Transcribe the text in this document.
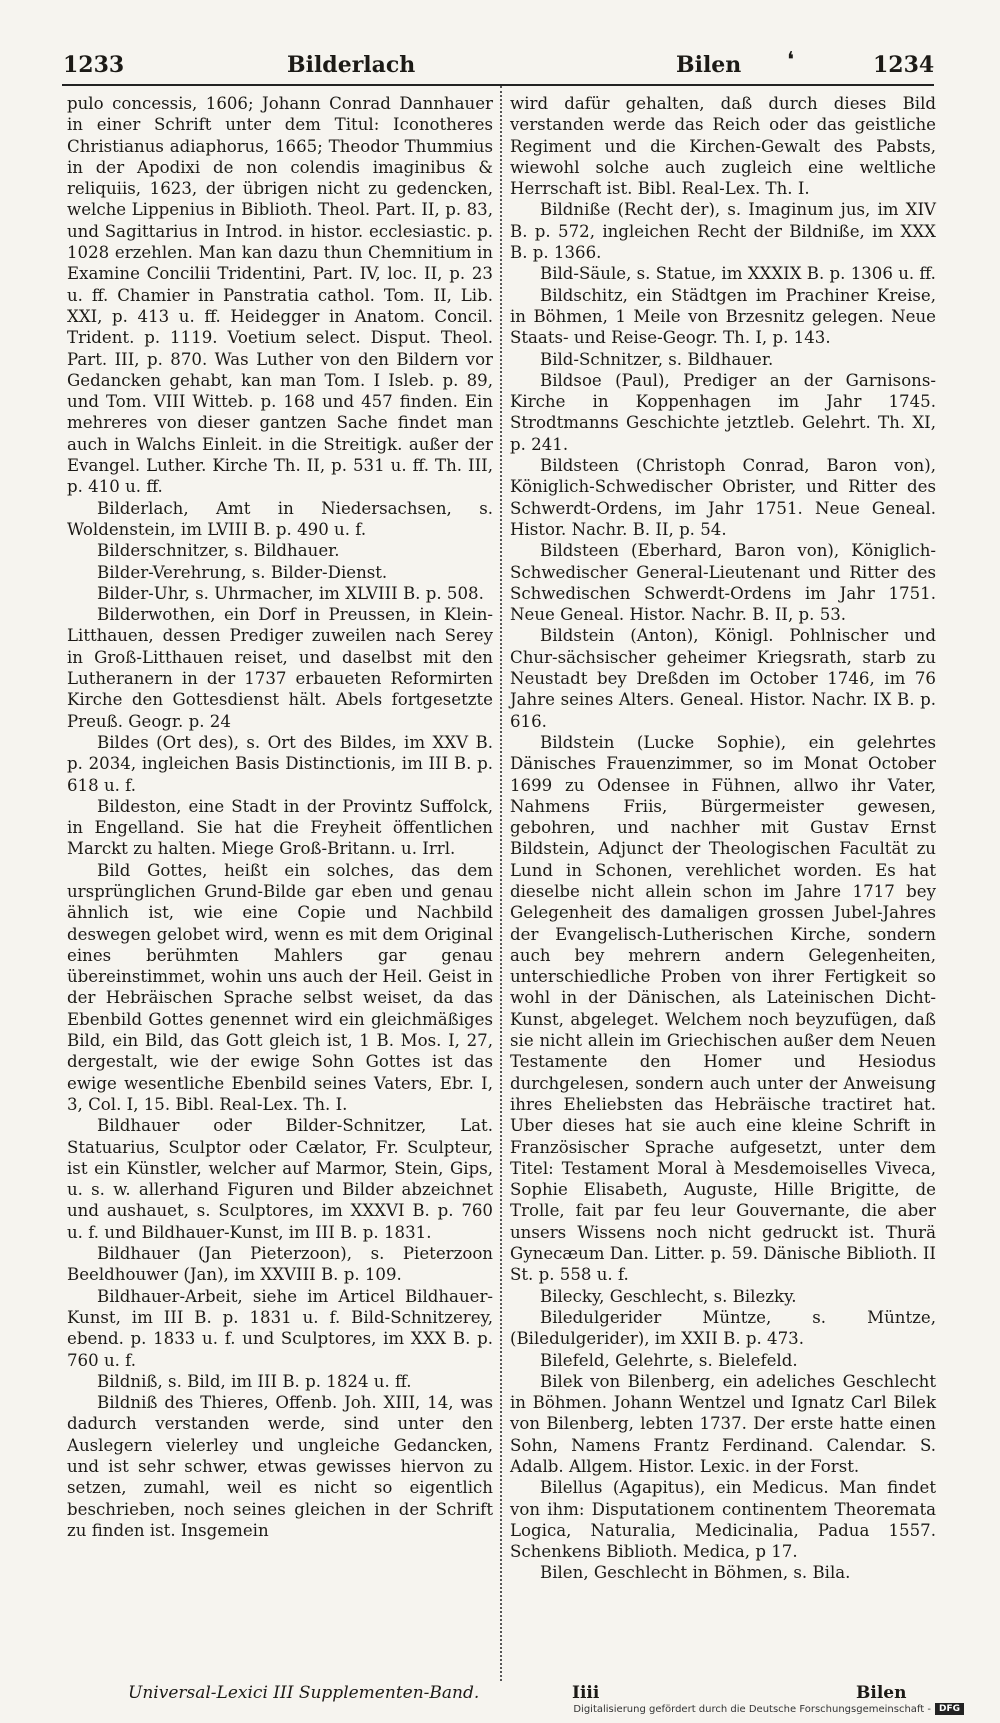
1233	Bilderlach	❛
Bilen	1234

pulo concessis, 1606; Johann Conrad Dannhauer in einer Schrift unter dem Titul: Iconotheres Christianus adiaphorus, 1665; Theodor Thummius in der Apodixi de non colendis imaginibus & reliquiis, 1623, der übrigen nicht zu gedencken, welche Lippenius in Biblioth. Theol. Part. II, p. 83, und Sagittarius in Introd. in histor. ecclesiastic. p. 1028 erzehlen. Man kan dazu thun Chemnitium in Examine Concilii Tridentini, Part. IV, loc. II, p. 23 u. ff. Chamier in Panstratia cathol. Tom. II, Lib. XXI, p. 413 u. ff. Heidegger in Anatom. Concil. Trident. p. 1119. Voetium select. Disput. Theol. Part. III, p. 870. Was Luther von den Bildern vor Gedancken gehabt, kan man Tom. I Isleb. p. 89, und Tom. VIII Witteb. p. 168 und 457 finden. Ein mehreres von dieser gantzen Sache findet man auch in Walchs Einleit. in die Streitigk. außer der Evangel. Luther. Kirche Th. II, p. 531 u. ff. Th. III, p. 410 u. ff.

Bilderlach, Amt in Niedersachsen, s. Woldenstein, im LVIII B. p. 490 u. f.

Bilderschnitzer, s. Bildhauer.

Bilder-Verehrung, s. Bilder-Dienst.

Bilder-Uhr, s. Uhrmacher, im XLVIII B. p. 508.

Bilderwothen, ein Dorf in Preussen, in Klein-Litthauen, dessen Prediger zuweilen nach Serey in Groß-Litthauen reiset, und daselbst mit den Lutheranern in der 1737 erbaueten Reformirten Kirche den Gottesdienst hält. Abels fortgesetzte Preuß. Geogr. p. 24

Bildes (Ort des), s. Ort des Bildes, im XXV B. p. 2034, ingleichen Basis Distinctionis, im III B. p. 618 u. f.

Bildeston, eine Stadt in der Provintz Suffolck, in Engelland. Sie hat die Freyheit öffentlichen Marckt zu halten. Miege Groß-Britann. u. Irrl.

Bild Gottes, heißt ein solches, das dem ursprünglichen Grund-Bilde gar eben und genau ähnlich ist, wie eine Copie und Nachbild deswegen gelobet wird, wenn es mit dem Original eines berühmten Mahlers gar genau übereinstimmet, wohin uns auch der Heil. Geist in der Hebräischen Sprache selbst weiset, da das Ebenbild Gottes genennet wird ein gleichmäßiges Bild, ein Bild, das Gott gleich ist, 1 B. Mos. I, 27, dergestalt, wie der ewige Sohn Gottes ist das ewige wesentliche Ebenbild seines Vaters, Ebr. I, 3, Col. I, 15. Bibl. Real-Lex. Th. I.

Bildhauer oder Bilder-Schnitzer, Lat. Statuarius, Sculptor oder Cælator, Fr. Sculpteur, ist ein Künstler, welcher auf Marmor, Stein, Gips, u. s. w. allerhand Figuren und Bilder abzeichnet und aushauet, s. Sculptores, im XXXVI B. p. 760 u. f. und Bildhauer-Kunst, im III B. p. 1831.

Bildhauer (Jan Pieterzoon), s. Pieterzoon Beeldhouwer (Jan), im XXVIII B. p. 109.

Bildhauer-Arbeit, siehe im Articel Bildhauer-Kunst, im III B. p. 1831 u. f. Bild-Schnitzerey, ebend. p. 1833 u. f. und Sculptores, im XXX B. p. 760 u. f.

Bildniß, s. Bild, im III B. p. 1824 u. ff.

Bildniß des Thieres, Offenb. Joh. XIII, 14, was dadurch verstanden werde, sind unter den Auslegern vielerley und ungleiche Gedancken, und ist sehr schwer, etwas gewisses hiervon zu setzen, zumahl, weil es nicht so eigentlich beschrieben, noch seines gleichen in der Schrift zu finden ist. Insgemein

wird dafür gehalten, daß durch dieses Bild verstanden werde das Reich oder das geistliche Regiment und die Kirchen-Gewalt des Pabsts, wiewohl solche auch zugleich eine weltliche Herrschaft ist. Bibl. Real-Lex. Th. I.

Bildniße (Recht der), s. Imaginum jus, im XIV B. p. 572, ingleichen Recht der Bildniße, im XXX B. p. 1366.

Bild-Säule, s. Statue, im XXXIX B. p. 1306 u. ff.

Bildschitz, ein Städtgen im Prachiner Kreise, in Böhmen, 1 Meile von Brzesnitz gelegen. Neue Staats- und Reise-Geogr. Th. I, p. 143.

Bild-Schnitzer, s. Bildhauer.

Bildsoe (Paul), Prediger an der Garnisons-Kirche in Koppenhagen im Jahr 1745. Strodtmanns Geschichte jetztleb. Gelehrt. Th. XI, p. 241.

Bildsteen (Christoph Conrad, Baron von), Königlich-Schwedischer Obrister, und Ritter des Schwerdt-Ordens, im Jahr 1751. Neue Geneal. Histor. Nachr. B. II, p. 54.

Bildsteen (Eberhard, Baron von), Königlich-Schwedischer General-Lieutenant und Ritter des Schwedischen Schwerdt-Ordens im Jahr 1751. Neue Geneal. Histor. Nachr. B. II, p. 53.

Bildstein (Anton), Königl. Pohlnischer und Chur-sächsischer geheimer Kriegsrath, starb zu Neustadt bey Dreßden im October 1746, im 76 Jahre seines Alters. Geneal. Histor. Nachr. IX B. p. 616.

Bildstein (Lucke Sophie), ein gelehrtes Dänisches Frauenzimmer, so im Monat October 1699 zu Odensee in Fühnen, allwo ihr Vater, Nahmens Friis, Bürgermeister gewesen, gebohren, und nachher mit Gustav Ernst Bildstein, Adjunct der Theologischen Facultät zu Lund in Schonen, verehlichet worden. Es hat dieselbe nicht allein schon im Jahre 1717 bey Gelegenheit des damaligen grossen Jubel-Jahres der Evangelisch-Lutherischen Kirche, sondern auch bey mehrern andern Gelegenheiten, unterschiedliche Proben von ihrer Fertigkeit so wohl in der Dänischen, als Lateinischen Dicht-Kunst, abgeleget. Welchem noch beyzufügen, daß sie nicht allein im Griechischen außer dem Neuen Testamente den Homer und Hesiodus durchgelesen, sondern auch unter der Anweisung ihres Eheliebsten das Hebräische tractiret hat. Uber dieses hat sie auch eine kleine Schrift in Französischer Sprache aufgesetzt, unter dem Titel: Testament Moral à Mesdemoiselles Viveca, Sophie Elisabeth, Auguste, Hille Brigitte, de Trolle, fait par feu leur Gouvernante, die aber unsers Wissens noch nicht gedruckt ist. Thurä Gynecæum Dan. Litter. p. 59. Dänische Biblioth. II St. p. 558 u. f.

Bilecky, Geschlecht, s. Bilezky.

Biledulgerider Müntze, s. Müntze, (Biledulgerider), im XXII B. p. 473.

Bilefeld, Gelehrte, s. Bielefeld.

Bilek von Bilenberg, ein adeliches Geschlecht in Böhmen. Johann Wentzel und Ignatz Carl Bilek von Bilenberg, lebten 1737. Der erste hatte einen Sohn, Namens Frantz Ferdinand. Calendar. S. Adalb. Allgem. Histor. Lexic. in der Forst.

Bilellus (Agapitus), ein Medicus. Man findet von ihm: Disputationem continentem Theoremata Logica, Naturalia, Medicinalia, Padua 1557. Schenkens Biblioth. Medica, p 17.

Bilen, Geschlecht in Böhmen, s. Bila.

Universal-Lexici III Supplementen-Band.	Iiii	Bilen
Digitalisierung gefördert durch die Deutsche Forschungsgemeinschaft - DFG
